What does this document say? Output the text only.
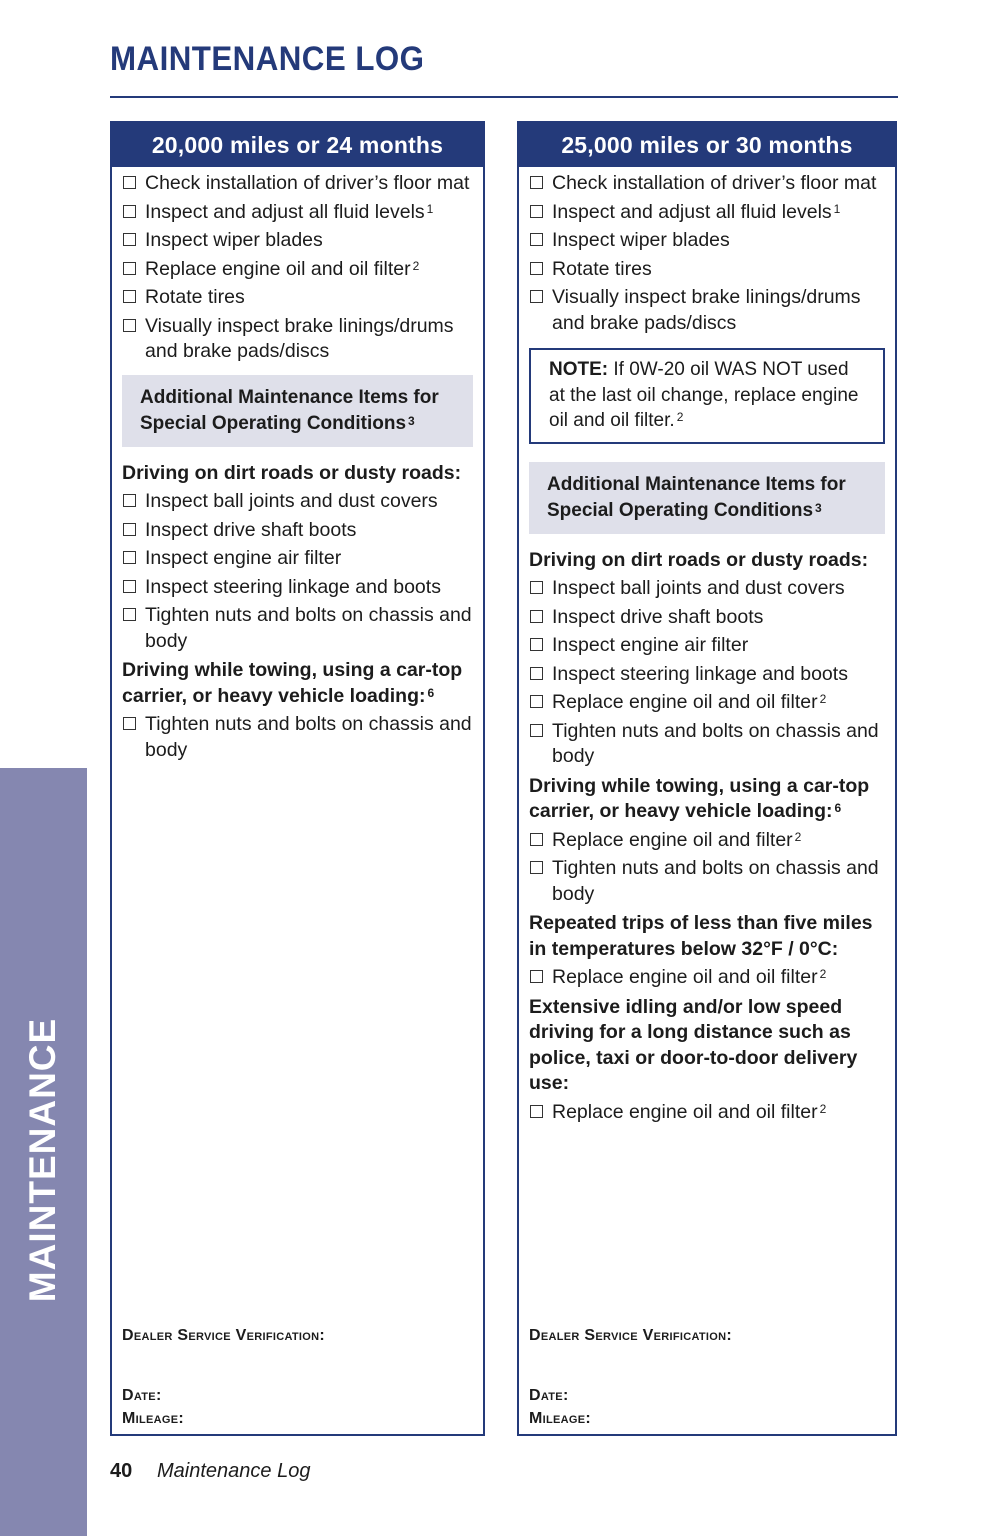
MAINTENANCE LOG
MAINTENANCE
20,000 miles or 24 months
Check installation of driver’s floor mat
Inspect and adjust all fluid levels $^1$
Inspect wiper blades
Replace engine oil and oil filter $^2$
Rotate tires
Visually inspect brake linings/drums and brake pads/discs
Additional Maintenance Items for Special Operating Conditions $^3$
Driving on dirt roads or dusty roads:
Inspect ball joints and dust covers
Inspect drive shaft boots
Inspect engine air filter
Inspect steering linkage and boots
Tighten nuts and bolts on chassis and body
Driving while towing, using a car-top carrier, or heavy vehicle loading: $^6$
Tighten nuts and bolts on chassis and body
Dealer Service Verification:
Date:
Mileage:
25,000 miles or 30 months
Check installation of driver’s floor mat
Inspect and adjust all fluid levels $^1$
Inspect wiper blades
Rotate tires
Visually inspect brake linings/drums and brake pads/discs
NOTE: If 0W-20 oil WAS NOT used at the last oil change, replace engine oil and oil filter. $^2$
Additional Maintenance Items for Special Operating Conditions $^3$
Driving on dirt roads or dusty roads:
Inspect ball joints and dust covers
Inspect drive shaft boots
Inspect engine air filter
Inspect steering linkage and boots
Replace engine oil and oil filter $^2$
Tighten nuts and bolts on chassis and body
Driving while towing, using a car-top carrier, or heavy vehicle loading: $^6$
Replace engine oil and filter $^2$
Tighten nuts and bolts on chassis and body
Repeated trips of less than five miles in temperatures below 32°F / 0°C:
Replace engine oil and oil filter $^2$
Extensive idling and/or low speed driving for a long distance such as police, taxi or door-to-door delivery use:
Replace engine oil and oil filter $^2$
Dealer Service Verification:
Date:
Mileage:
40 Maintenance Log
